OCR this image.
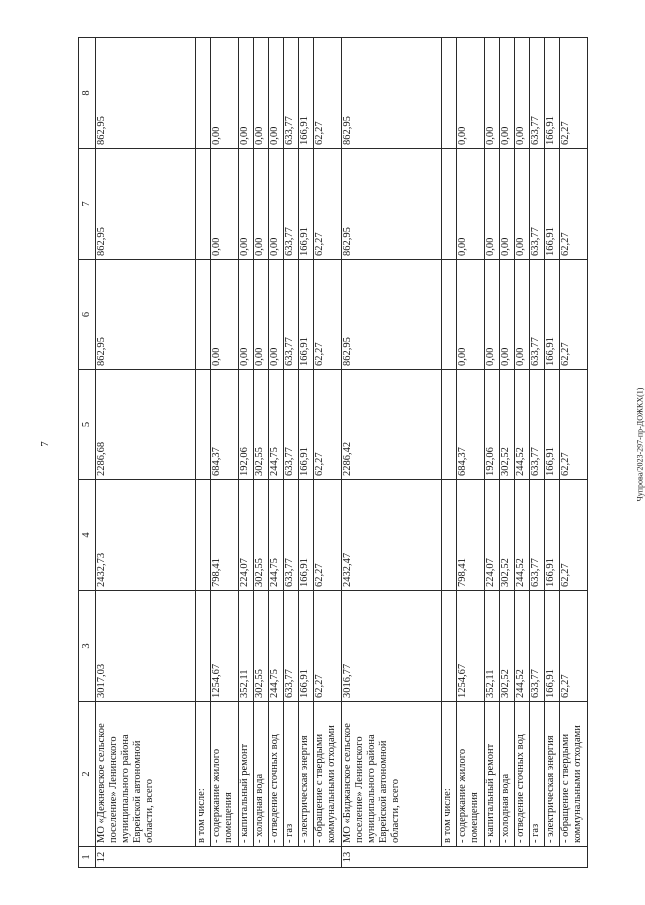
7	Чупрова/2023-297-пр-ДОЖКХ(1)
1	2	3	4	5	6	7	8
12	МО «Дежневское сельское поселение» Ленинского муниципального района Еврейской автономной области, всего	3017,03	2432,73	2286,68	862,95	862,95	862,95
	в том числе:						
	- содержание жилого помещения	1254,67	798,41	684,37	0,00	0,00	0,00
	- капитальный ремонт	352,11	224,07	192,06	0,00	0,00	0,00
	- холодная вода	302,55	302,55	302,55	0,00	0,00	0,00
	- отведение сточных вод	244,75	244,75	244,75	0,00	0,00	0,00
	- газ	633,77	633,77	633,77	633,77	633,77	633,77
	- электрическая энергия	166,91	166,91	166,91	166,91	166,91	166,91
	- обращение с твердыми коммунальными отходами	62,27	62,27	62,27	62,27	62,27	62,27
13	МО «Биджанское сельское поселение» Ленинского муниципального района Еврейской автономной области, всего	3016,77	2432,47	2286,42	862,95	862,95	862,95
	в том числе:						
	- содержание жилого помещения	1254,67	798,41	684,37	0,00	0,00	0,00
	- капитальный ремонт	352,11	224,07	192,06	0,00	0,00	0,00
	- холодная вода	302,52	302,52	302,52	0,00	0,00	0,00
	- отведение сточных вод	244,52	244,52	244,52	0,00	0,00	0,00
	- газ	633,77	633,77	633,77	633,77	633,77	633,77
	- электрическая энергия	166,91	166,91	166,91	166,91	166,91	166,91
	- обращение с твердыми коммунальными отходами	62,27	62,27	62,27	62,27	62,27	62,27
